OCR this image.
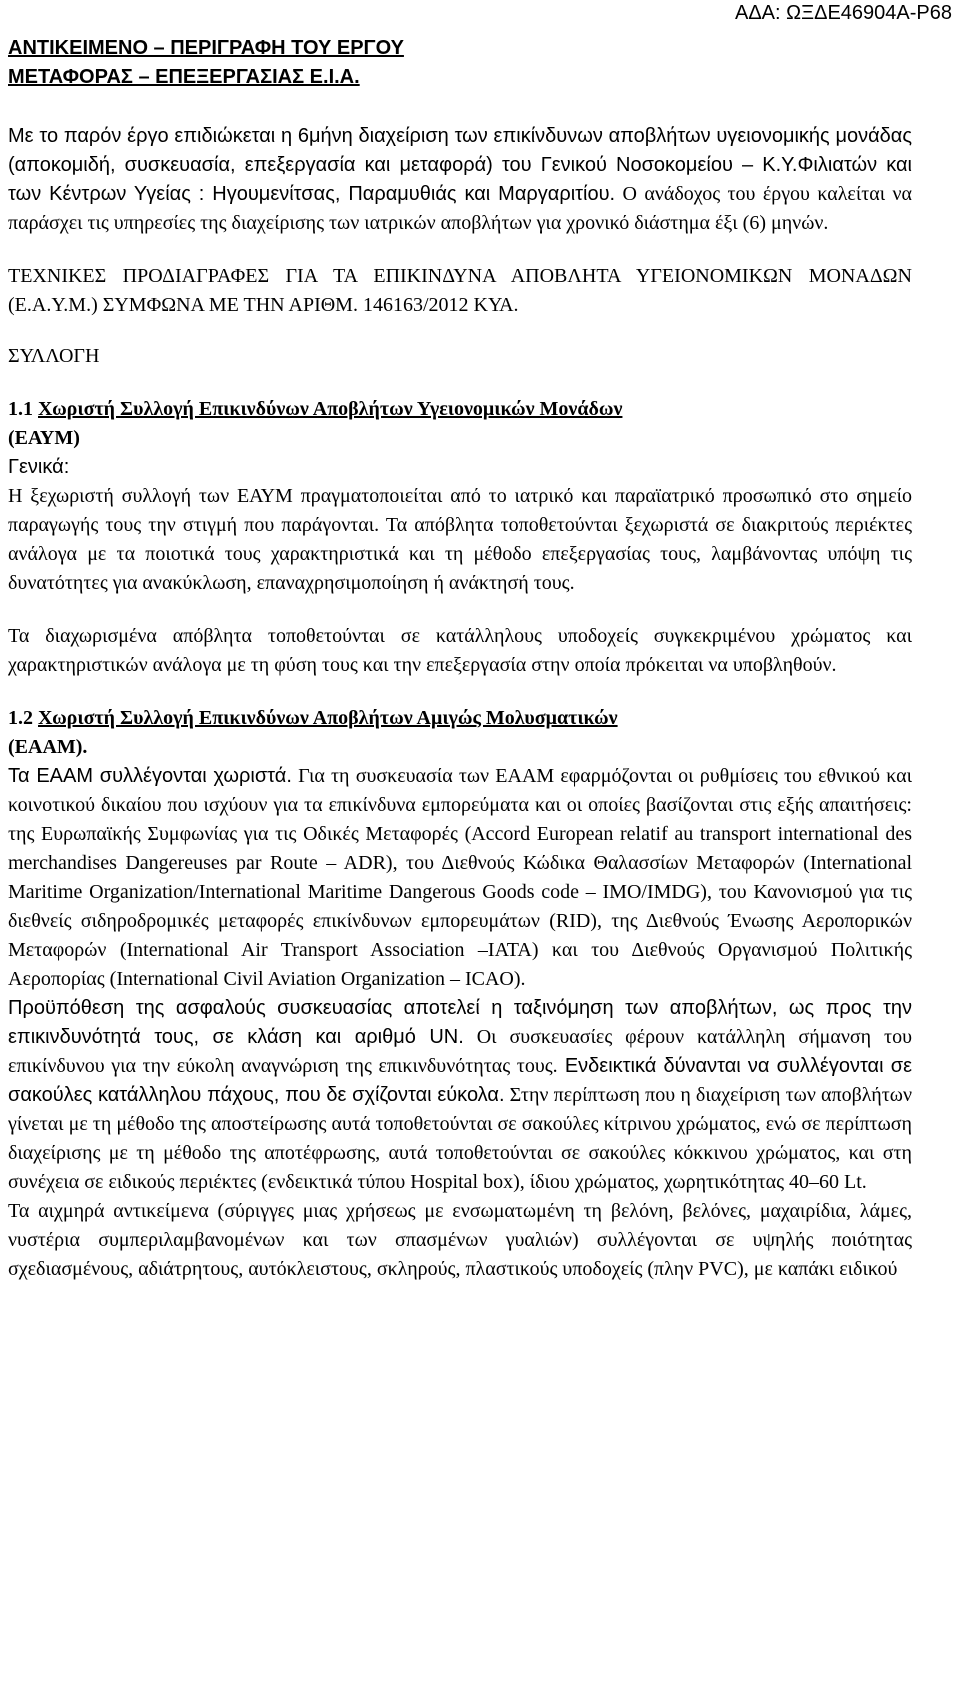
ΑΔΑ: ΩΞΔΕ46904Α-Ρ68
ΑΝΤΙΚΕΙΜΕΝΟ – ΠΕΡΙΓΡΑΦΗ ΤΟΥ ΕΡΓΟΥ
ΜΕΤΑΦΟΡΑΣ – ΕΠΕΞΕΡΓΑΣΙΑΣ Ε.Ι.Α.

Με το παρόν έργο επιδιώκεται η 6μήνη διαχείριση των επικίνδυνων αποβλήτων υγειονομικής μονάδας (αποκομιδή, συσκευασία, επεξεργασία και μεταφορά) του Γενικού Νοσοκομείου – Κ.Υ.Φιλιατών και των Κέντρων Υγείας : Ηγουμενίτσας, Παραμυθιάς και Μαργαριτίου. Ο ανάδοχος του έργου καλείται να παράσχει τις υπηρεσίες της διαχείρισης των ιατρικών αποβλήτων για χρονικό διάστημα έξι (6) μηνών.

ΤΕΧΝΙΚΕΣ ΠΡΟΔΙΑΓΡΑΦΕΣ ΓΙΑ ΤΑ ΕΠΙΚΙΝΔΥΝΑ ΑΠΟΒΛΗΤΑ ΥΓΕΙΟΝΟΜΙΚΩΝ ΜΟΝΑΔΩΝ (Ε.Α.Υ.Μ.) ΣΥΜΦΩΝΑ ΜΕ ΤΗΝ ΑΡΙΘΜ. 146163/2012 ΚΥΑ.

ΣΥΛΛΟΓΗ

1.1 Χωριστή Συλλογή Επικινδύνων Αποβλήτων Υγειονομικών Μονάδων
(ΕΑΥΜ)

Γενικά:

Η ξεχωριστή συλλογή των ΕΑΥΜ πραγματοποιείται από το ιατρικό και παραϊατρικό προσωπικό στο σημείο παραγωγής τους την στιγμή που παράγονται. Τα απόβλητα τοποθετούνται ξεχωριστά σε διακριτούς περιέκτες ανάλογα με τα ποιοτικά τους χαρακτηριστικά και τη μέθοδο επεξεργασίας τους, λαμβάνοντας υπόψη τις δυνατότητες για ανακύκλωση, επαναχρησιμοποίηση ή ανάκτησή τους.

Τα διαχωρισμένα απόβλητα τοποθετούνται σε κατάλληλους υποδοχείς συγκεκριμένου χρώματος και χαρακτηριστικών ανάλογα με τη φύση τους και την επεξεργασία στην οποία πρόκειται να υποβληθούν.

1.2 Χωριστή Συλλογή Επικινδύνων Αποβλήτων Αμιγώς Μολυσματικών
(ΕΑΑΜ).

Τα ΕΑΑΜ συλλέγονται χωριστά. Για τη συσκευασία των ΕΑΑΜ εφαρμόζονται οι ρυθμίσεις του εθνικού και κοινοτικού δικαίου που ισχύουν για τα επικίνδυνα εμπορεύματα και οι οποίες βασίζονται στις εξής απαιτήσεις: της Ευρωπαϊκής Συμφωνίας για τις Οδικές Μεταφορές (Accord European relatif au transport international des merchandises Dangereuses par Route – ADR), του Διεθνούς Κώδικα Θαλασσίων Μεταφορών (International Maritime Organization/International Maritime Dangerous Goods code – IMO/IMDG), του Κανονισμού για τις διεθνείς σιδηροδρομικές μεταφορές επικίνδυνων εμπορευμάτων (RID), της Διεθνούς Ένωσης Αεροπορικών Μεταφορών (International Air Transport Association –IATA) και του Διεθνούς Οργανισμού Πολιτικής Αεροπορίας (International Civil Aviation Organization – ICAO).

Προϋπόθεση της ασφαλούς συσκευασίας αποτελεί η ταξινόμηση των αποβλήτων, ως προς την επικινδυνότητά τους, σε κλάση και αριθμό UN. Οι συσκευασίες φέρουν κατάλληλη σήμανση του επικίνδυνου για την εύκολη αναγνώριση της επικινδυνότητας τους. Ενδεικτικά δύνανται να συλλέγονται σε σακούλες κατάλληλου πάχους, που δε σχίζονται εύκολα. Στην περίπτωση που η διαχείριση των αποβλήτων γίνεται με τη μέθοδο της αποστείρωσης αυτά τοποθετούνται σε σακούλες κίτρινου χρώματος, ενώ σε περίπτωση διαχείρισης με τη μέθοδο της αποτέφρωσης, αυτά τοποθετούνται σε σακούλες κόκκινου χρώματος, και στη συνέχεια σε ειδικούς περιέκτες (ενδεικτικά τύπου Hospital box), ίδιου χρώματος, χωρητικότητας 40–60 Lt.

Τα αιχμηρά αντικείμενα (σύριγγες μιας χρήσεως με ενσωματωμένη τη βελόνη, βελόνες, μαχαιρίδια, λάμες, νυστέρια συμπεριλαμβανομένων και των σπασμένων γυαλιών) συλλέγονται σε υψηλής ποιότητας σχεδιασμένους, αδιάτρητους, αυτόκλειστους, σκληρούς, πλαστικούς υποδοχείς (πλην PVC), με καπάκι ειδικού
